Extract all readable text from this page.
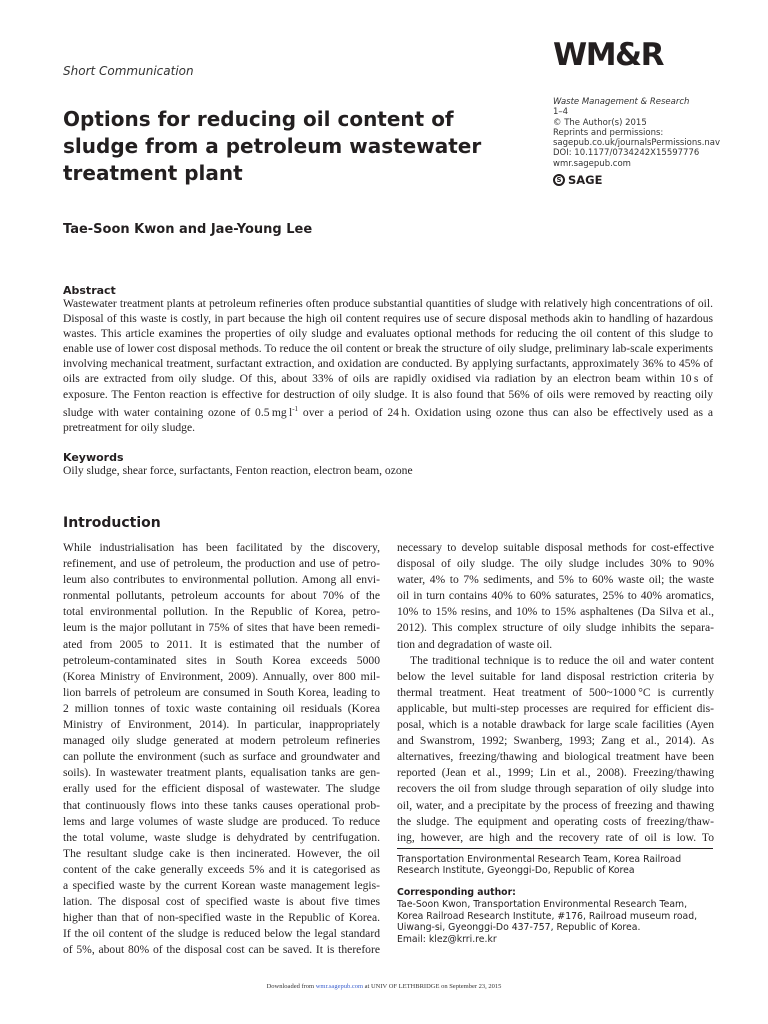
Short Communication	WM&R
Waste Management & Research
1–4
© The Author(s) 2015
Reprints and permissions:
sagepub.co.uk/journalsPermissions.nav
DOI: 10.1177/0734242X15597776
wmr.sagepub.com
S SAGE
Options for reducing oil content of sludge from a petroleum wastewater treatment plant
Tae-Soon Kwon and Jae-Young Lee
Abstract

Wastewater treatment plants at petroleum refineries often produce substantial quantities of sludge with relatively high concentrations of oil. Disposal of this waste is costly, in part because the high oil content requires use of secure disposal methods akin to handling of hazardous wastes. This article examines the properties of oily sludge and evaluates optional methods for reducing the oil content of this sludge to enable use of lower cost disposal methods. To reduce the oil content or break the structure of oily sludge, preliminary lab-scale experiments involving mechanical treatment, surfactant extraction, and oxidation are conducted. By applying surfactants, approximately 36% to 45% of oils are extracted from oily sludge. Of this, about 33% of oils are rapidly oxidised via radiation by an electron beam within 10 s of exposure. The Fenton reaction is effective for destruction of oily sludge. It is also found that 56% of oils were removed by reacting oily sludge with water containing ozone of 0.5 mg $l^{-1}$ over a period of 24 h. Oxidation using ozone thus can also be effectively used as a pretreatment for oily sludge.

Keywords
Oily sludge, shear force, surfactants, Fenton reaction, electron beam, ozone
Introduction

While industrialisation has been facilitated by the discovery,

refinement, and use of petroleum, the production and use of petro-

leum also contributes to environmental pollution. Among all envi-

ronmental pollutants, petroleum accounts for about 70% of the

total environmental pollution. In the Republic of Korea, petro-

leum is the major pollutant in 75% of sites that have been remedi-

ated from 2005 to 2011. It is estimated that the number of

petroleum-contaminated sites in South Korea exceeds 5000

(Korea Ministry of Environment, 2009). Annually, over 800 mil-

lion barrels of petroleum are consumed in South Korea, leading to

2 million tonnes of toxic waste containing oil residuals (Korea

Ministry of Environment, 2014). In particular, inappropriately

managed oily sludge generated at modern petroleum refineries

can pollute the environment (such as surface and groundwater and

soils). In wastewater treatment plants, equalisation tanks are gen-

erally used for the efficient disposal of wastewater. The sludge

that continuously flows into these tanks causes operational prob-

lems and large volumes of waste sludge are produced. To reduce

the total volume, waste sludge is dehydrated by centrifugation.

The resultant sludge cake is then incinerated. However, the oil

content of the cake generally exceeds 5% and it is categorised as

a specified waste by the current Korean waste management legis-

lation. The disposal cost of specified waste is about five times

higher than that of non-specified waste in the Republic of Korea.

If the oil content of the sludge is reduced below the legal standard

of 5%, about 80% of the disposal cost can be saved. It is therefore

necessary to develop suitable disposal methods for cost-effective

disposal of oily sludge. The oily sludge includes 30% to 90%

water, 4% to 7% sediments, and 5% to 60% waste oil; the waste

oil in turn contains 40% to 60% saturates, 25% to 40% aromatics,

10% to 15% resins, and 10% to 15% asphaltenes (Da Silva et al.,

2012). This complex structure of oily sludge inhibits the separa-

tion and degradation of waste oil.

The traditional technique is to reduce the oil and water content

below the level suitable for land disposal restriction criteria by

thermal treatment. Heat treatment of 500~1000 °C is currently

applicable, but multi-step processes are required for efficient dis-

posal, which is a notable drawback for large scale facilities (Ayen

and Swanstrom, 1992; Swanberg, 1993; Zang et al., 2014). As

alternatives, freezing/thawing and biological treatment have been

reported (Jean et al., 1999; Lin et al., 2008). Freezing/thawing

recovers the oil from sludge through separation of oily sludge into

oil, water, and a precipitate by the process of freezing and thawing

the sludge. The equipment and operating costs of freezing/thaw-

ing, however, are high and the recovery rate of oil is low. To

Transportation Environmental Research Team, Korea Railroad
Research Institute, Gyeonggi-Do, Republic of Korea
Corresponding author:
Tae-Soon Kwon, Transportation Environmental Research Team,
Korea Railroad Research Institute, #176, Railroad museum road,
Uiwang-si, Gyeonggi-Do 437-757, Republic of Korea.
Email: klez@krri.re.kr
Downloaded from wmr.sagepub.com at UNIV OF LETHBRIDGE on September 23, 2015
